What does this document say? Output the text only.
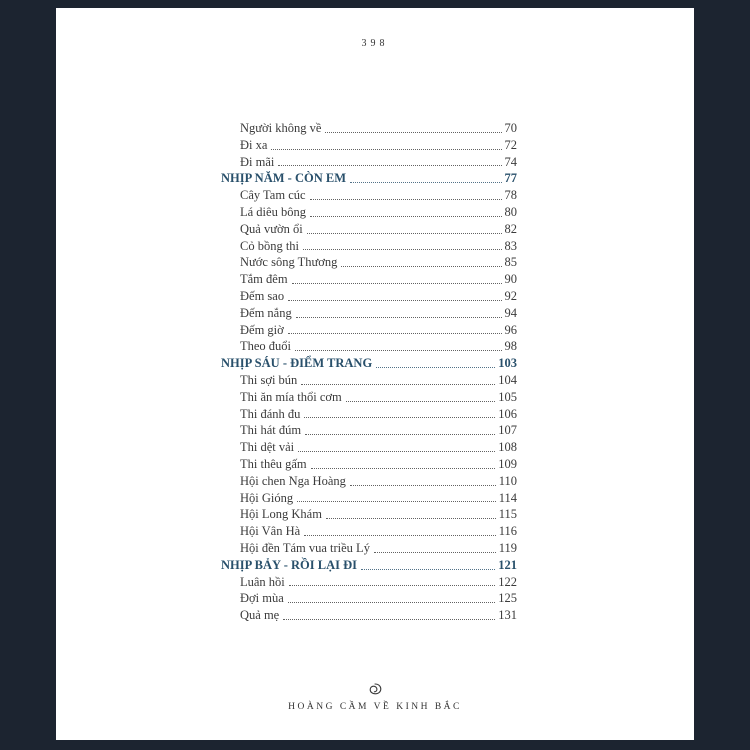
398
Người không về	70
Đi xa	72
Đi mãi	74
NHỊP NĂM - CÒN EM	77
Cây Tam cúc	78
Lá diêu bông	80
Quả vườn ổi	82
Cỏ bồng thi	83
Nước sông Thương	85
Tắm đêm	90
Đếm sao	92
Đếm nắng	94
Đếm giờ	96
Theo đuổi	98
NHỊP SÁU - ĐIỂM TRANG	103
Thi sợi bún	104
Thi ăn mía thổi cơm	105
Thi đánh đu	106
Thi hát đúm	107
Thi dệt vải	108
Thi thêu gấm	109
Hội chen Nga Hoàng	110
Hội Gióng	114
Hội Long Khám	115
Hội Vân Hà	116
Hội đền Tám vua triều Lý	119
NHỊP BẢY - RỒI LẠI ĐI	121
Luân hồi	122
Đợi mùa	125
Quả mẹ	131
HOÀNG CẦM VỀ KINH BẮC
